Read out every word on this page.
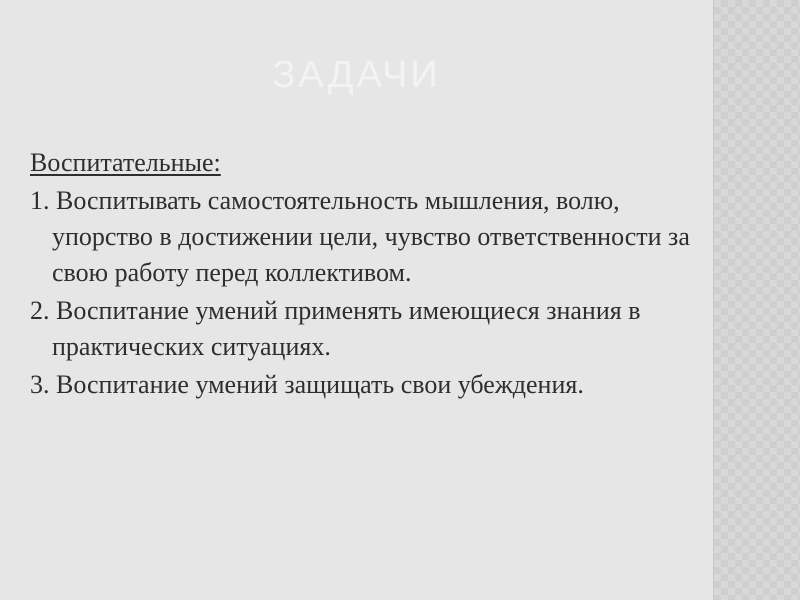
ЗАДАЧИ
Воспитательные:
1. Воспитывать самостоятельность мышления, волю, упорство в достижении цели, чувство ответственности за свою работу перед коллективом.
2. Воспитание умений применять имеющиеся знания в практических ситуациях.
3. Воспитание умений защищать свои убеждения.
